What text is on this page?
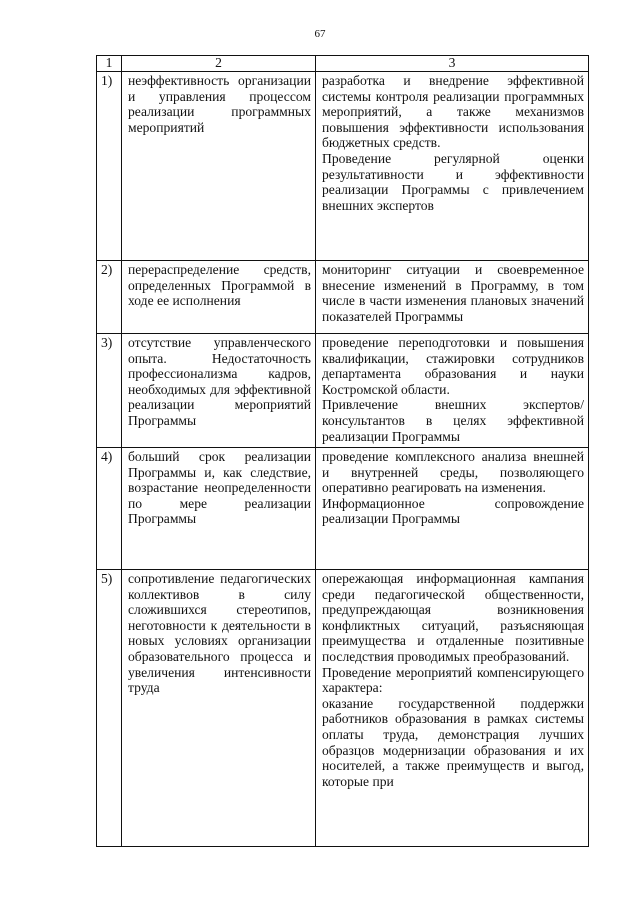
67
1	2	3
1)	неэффективность организации и управления процессом реализации программных мероприятий	разработка и внедрение эффективной системы контроля реализации программных мероприятий, а также механизмов повышения эффективности использования бюджетных средств.

Проведение регулярной оценки результативности и эффективности реализации Программы с привлечением внешних экспертов

2)	перераспределение средств, определенных Программой в ходе ее исполнения	мониторинг ситуации и своевременное внесение изменений в Программу, в том числе в части изменения плановых значений показателей Программы

3)	отсутствие управленческого опыта. Недостаточность профессионализма кадров, необходимых для эффективной реализации мероприятий Программы	проведение переподготовки и повышения квалификации, стажировки сотрудников департамента образования и науки Костромской области.

Привлечение внешних экспертов/ консультантов в целях эффективной реализации Программы

4)	больший срок реализации Программы и, как следствие, возрастание неопределенности по мере реализации Программы	проведение комплексного анализа внешней и внутренней среды, позволяющего оперативно реагировать на изменения.

Информационное сопровождение реализации Программы

5)	сопротивление педагогических коллективов в силу сложившихся стереотипов, неготовности к деятельности в новых условиях организации образовательного процесса и увеличения интенсивности труда	опережающая информационная кампания среди педагогической общественности, предупреждающая возникновения конфликтных ситуаций, разъясняющая преимущества и отдаленные позитивные последствия проводимых преобразований.

Проведение мероприятий компенсирующего характера:

оказание государственной поддержки работников образования в рамках системы оплаты труда, демонстрация лучших образцов модернизации образования и их носителей, а также преимуществ и выгод, которые при
